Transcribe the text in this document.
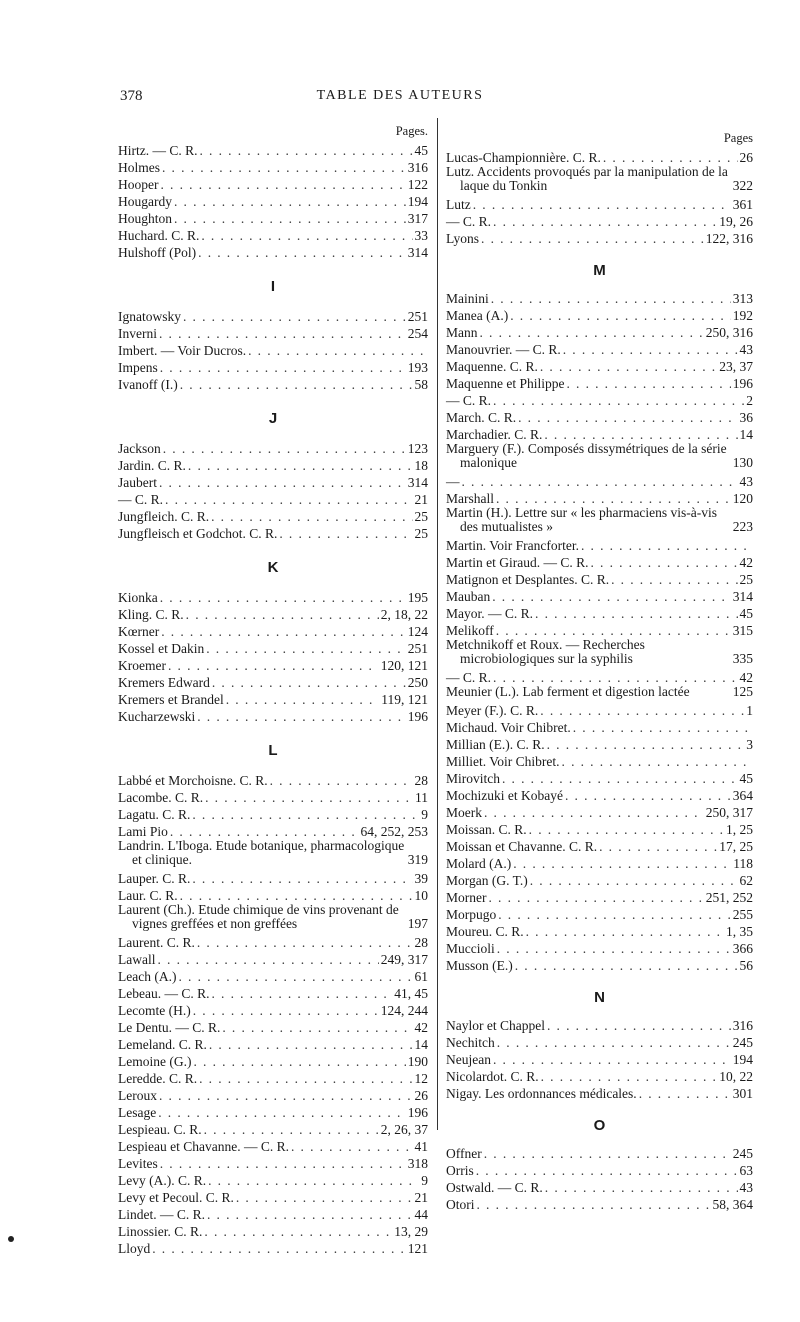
378	TABLE DES AUTEURS
Pages.
Hirtz. — C. R. . . .	45
Holmes . . .	316
Hooper . . .	122
Hougardy . . .	194
Houghton . . .	317
Huchard. C. R. . . .	33
Hulshoff (Pol) . . .	314
I
Ignatowsky . . .	251
Inverni . . .	254
Imbert. — Voir Ducros.
. . .
Impens . . .	193
Ivanoff (I.) . . .	58
J
Jackson . . .	123
Jardin. C. R. . . .	18
Jaubert . . .	314
— C. R. . . .	21
Jungfleich. C. R. . . .	25
Jungfleisch et Godchot. C. R. . . .	25
K
Kionka . . .	195
Kling. C. R. . . .	2, 18, 22
Kœrner . . .	124
Kossel et Dakin . . .	251
Kroemer . . .	120, 121
Kremers Edward . . .	250
Kremers et Brandel . . .	119, 121
Kucharzewski . . .	196
L
Labbé et Morchoisne. C. R. . . .	28
Lacombe. C. R. . . .	11
Lagatu. C. R. . . .	9
Lami Pio . . .	64, 252, 253
Landrin. L'Iboga. Etude botanique, pharmacologique et clinique.	319
Lauper. C. R. . . .	39
Laur. C. R. . . .	10
Laurent (Ch.). Etude chimique de vins provenant de vignes greffées et non greffées	197
Laurent. C. R. . . .	28
Lawall . . .	249, 317
Leach (A.) . . .	61
Lebeau. — C. R. . . .	41, 45
Lecomte (H.) . . .	124, 244
Le Dentu. — C. R. . . .	42
Lemeland. C. R. . . .	14
Lemoine (G.) . . .	190
Leredde. C. R. . . .	12
Leroux . . .	26
Lesage . . .	196
Lespieau. C. R. . . .	2, 26, 37
Lespieau et Chavanne. — C. R. . . .	41
Levites . . .	318
Levy (A.). C. R. . . .	9
Levy et Pecoul. C. R. . . .	21
Lindet. — C. R. . . .	44
Linossier. C. R. . . .	13, 29
Lloyd . . .	121
Pages
Lucas-Championnière. C. R. . . .	26
Lutz. Accidents provoqués par la manipulation de la laque du Tonkin	322
Lutz . . .	361
— C. R. . . .	19, 26
Lyons . . .	122, 316
M
Mainini . . .	313
Manea (A.) . . .	192
Mann . . .	250, 316
Manouvrier. — C. R. . . .	43
Maquenne. C. R. . . .	23, 37
Maquenne et Philippe . . .	196
— C. R. . . .	2
March. C. R. . . .	36
Marchadier. C. R. . . .	14
Marguery (F.). Composés dissymétriques de la série malonique	130
— . . .	43
Marshall . . .	120
Martin (H.). Lettre sur « les pharmaciens vis-à-vis des mutualistes »	223
Martin. Voir Francforter.
. . .
Martin et Giraud. — C. R. . . .	42
Matignon et Desplantes. C. R. . . .	25
Mauban . . .	314
Mayor. — C. R. . . .	45
Melikoff . . .	315
Metchnikoff et Roux. — Recherches microbiologiques sur la syphilis	335
— C. R. . . .	42
Meunier (L.). Lab ferment et digestion lactée	125
Meyer (F.). C. R. . . .	1
Michaud. Voir Chibret.
. . .
Millian (E.). C. R. . . .	3
Milliet. Voir Chibret.
. . .
Mirovitch . . .	45
Mochizuki et Kobayé . . .	364
Moerk . . .	250, 317
Moissan. C. R. . . .	1, 25
Moissan et Chavanne. C. R. . . .	17, 25
Molard (A.) . . .	118
Morgan (G. T.) . . .	62
Morner . . .	251, 252
Morpugo . . .	255
Moureu. C. R. . . .	1, 35
Muccioli . . .	366
Musson (E.) . . .	56
N
Naylor et Chappel . . .	316
Nechitch . . .	245
Neujean . . .	194
Nicolardot. C. R. . . .	10, 22
Nigay. Les ordonnances médicales. . . .	301
O
Offner . . .	245
Orris . . .	63
Ostwald. — C. R. . . .	43
Otori . . .	58, 364
